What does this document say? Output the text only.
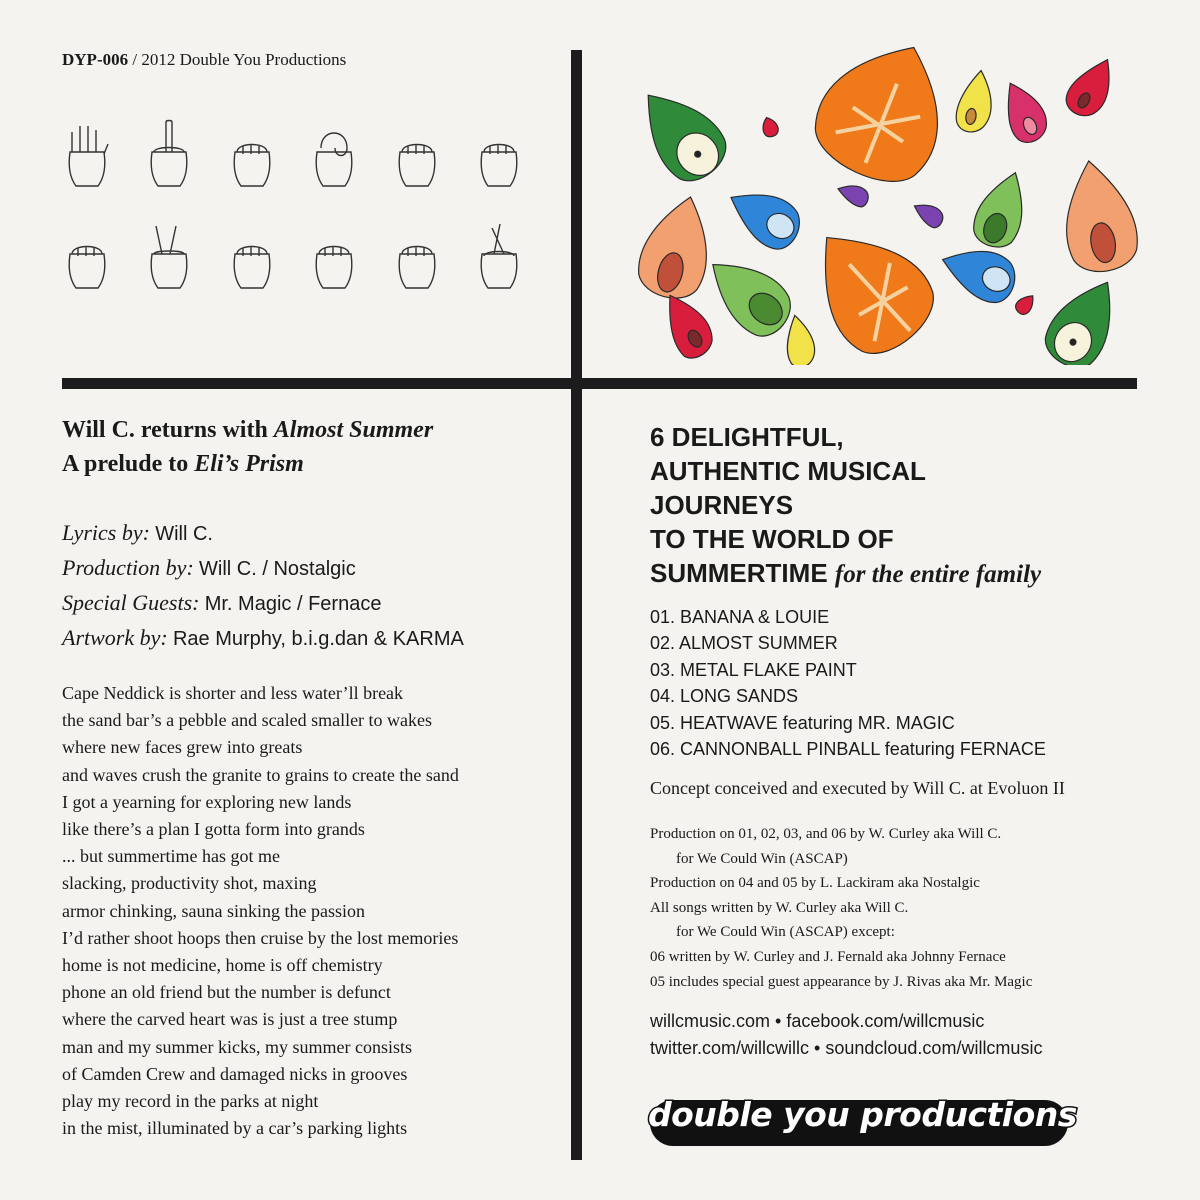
DYP-006 / 2012 Double You Productions
Will C. returns with Almost Summer
A prelude to Eli’s Prism
Lyrics by: Will C.
Production by: Will C. / Nostalgic
Special Guests: Mr. Magic / Fernace
Artwork by: Rae Murphy, b.i.g.dan & KARMA
Cape Neddick is shorter and less water’ll break
the sand bar’s a pebble and scaled smaller to wakes
where new faces grew into greats
and waves crush the granite to grains to create the sand
I got a yearning for exploring new lands
like there’s a plan I gotta form into grands
... but summertime has got me
slacking, productivity shot, maxing
armor chinking, sauna sinking the passion
I’d rather shoot hoops then cruise by the lost memories
home is not medicine, home is off chemistry
phone an old friend but the number is defunct
where the carved heart was is just a tree stump
man and my summer kicks, my summer consists
of Camden Crew and damaged nicks in grooves
play my record in the parks at night
in the mist, illuminated by a car’s parking lights
6 DELIGHTFUL,
AUTHENTIC MUSICAL
JOURNEYS
TO THE WORLD OF
SUMMERTIME for the entire family
01. BANANA & LOUIE
02. ALMOST SUMMER
03. METAL FLAKE PAINT
04. LONG SANDS
05. HEATWAVE featuring MR. MAGIC
06. CANNONBALL PINBALL featuring FERNACE
Concept conceived and executed by Will C. at Evoluon II
Production on 01, 02, 03, and 06 by W. Curley aka Will C.
for We Could Win (ASCAP)
Production on 04 and 05 by L. Lackiram aka Nostalgic
All songs written by W. Curley aka Will C.
for We Could Win (ASCAP) except:
06 written by W. Curley and J. Fernald aka Johnny Fernace
05 includes special guest appearance by J. Rivas aka Mr. Magic
willcmusic.com • facebook.com/willcmusic
twitter.com/willcwillc • soundcloud.com/willcmusic
double you productions
